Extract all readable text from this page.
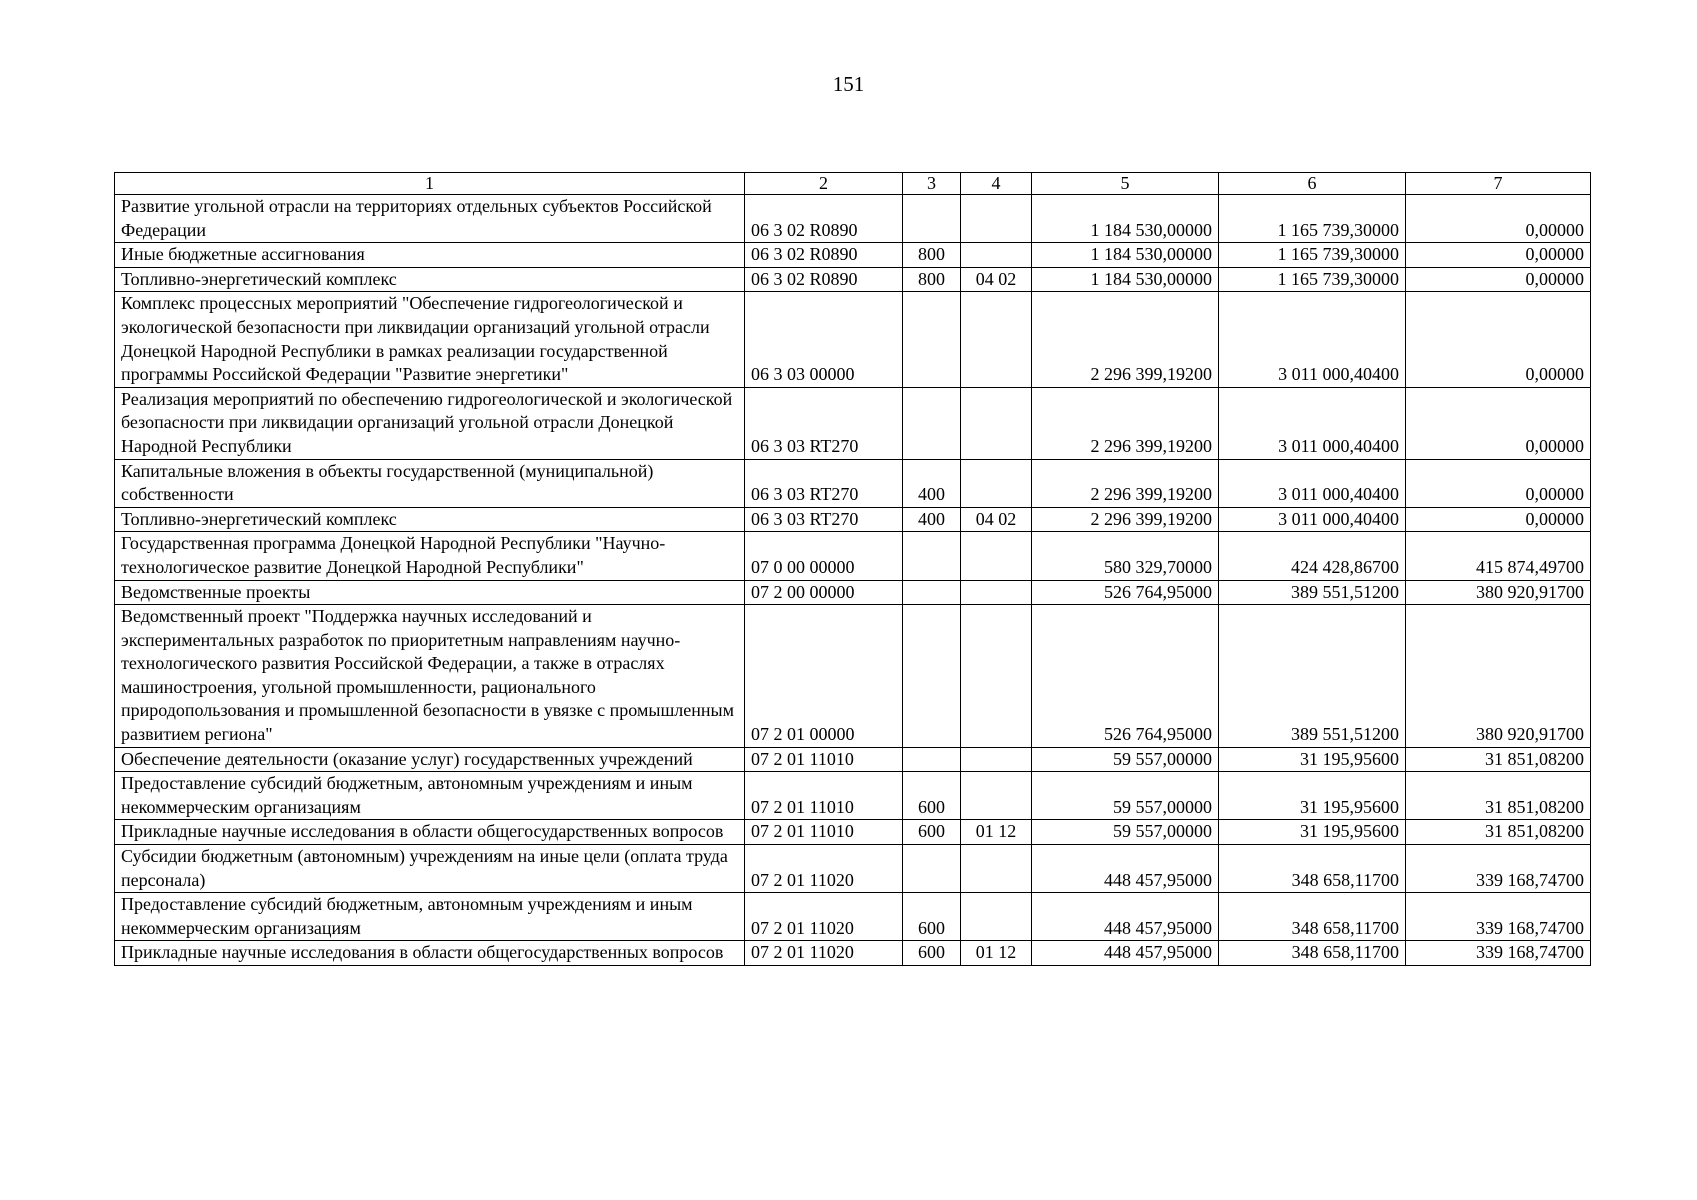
151
1	2	3	4	5	6	7
Развитие угольной отрасли на территориях отдельных субъектов Российской Федерации	06 3 02 R0890			1 184 530,00000	1 165 739,30000	0,00000
Иные бюджетные ассигнования	06 3 02 R0890	800		1 184 530,00000	1 165 739,30000	0,00000
Топливно-энергетический комплекс	06 3 02 R0890	800	04 02	1 184 530,00000	1 165 739,30000	0,00000
Комплекс процессных мероприятий "Обеспечение гидрогеологической и экологической безопасности при ликвидации организаций угольной отрасли Донецкой Народной Республики в рамках реализации государственной программы Российской Федерации "Развитие энергетики"	06 3 03 00000			2 296 399,19200	3 011 000,40400	0,00000
Реализация мероприятий по обеспечению гидрогеологической и экологической безопасности при ликвидации организаций угольной отрасли Донецкой Народной Республики	06 3 03 RT270			2 296 399,19200	3 011 000,40400	0,00000
Капитальные вложения в объекты государственной (муниципальной) собственности	06 3 03 RT270	400		2 296 399,19200	3 011 000,40400	0,00000
Топливно-энергетический комплекс	06 3 03 RT270	400	04 02	2 296 399,19200	3 011 000,40400	0,00000
Государственная программа Донецкой Народной Республики "Научно-технологическое развитие Донецкой Народной Республики"	07 0 00 00000			580 329,70000	424 428,86700	415 874,49700
Ведомственные проекты	07 2 00 00000			526 764,95000	389 551,51200	380 920,91700
Ведомственный проект "Поддержка научных исследований и экспериментальных разработок по приоритетным направлениям научно-технологического развития Российской Федерации, а также в отраслях машиностроения, угольной промышленности, рационального природопользования и промышленной безопасности в увязке с промышленным развитием региона"	07 2 01 00000			526 764,95000	389 551,51200	380 920,91700
Обеспечение деятельности (оказание услуг) государственных учреждений	07 2 01 11010			59 557,00000	31 195,95600	31 851,08200
Предоставление субсидий бюджетным, автономным учреждениям и иным некоммерческим организациям	07 2 01 11010	600		59 557,00000	31 195,95600	31 851,08200
Прикладные научные исследования в области общегосударственных вопросов	07 2 01 11010	600	01 12	59 557,00000	31 195,95600	31 851,08200
Субсидии бюджетным (автономным) учреждениям на иные цели (оплата труда персонала)	07 2 01 11020			448 457,95000	348 658,11700	339 168,74700
Предоставление субсидий бюджетным, автономным учреждениям и иным некоммерческим организациям	07 2 01 11020	600		448 457,95000	348 658,11700	339 168,74700
Прикладные научные исследования в области общегосударственных вопросов	07 2 01 11020	600	01 12	448 457,95000	348 658,11700	339 168,74700
